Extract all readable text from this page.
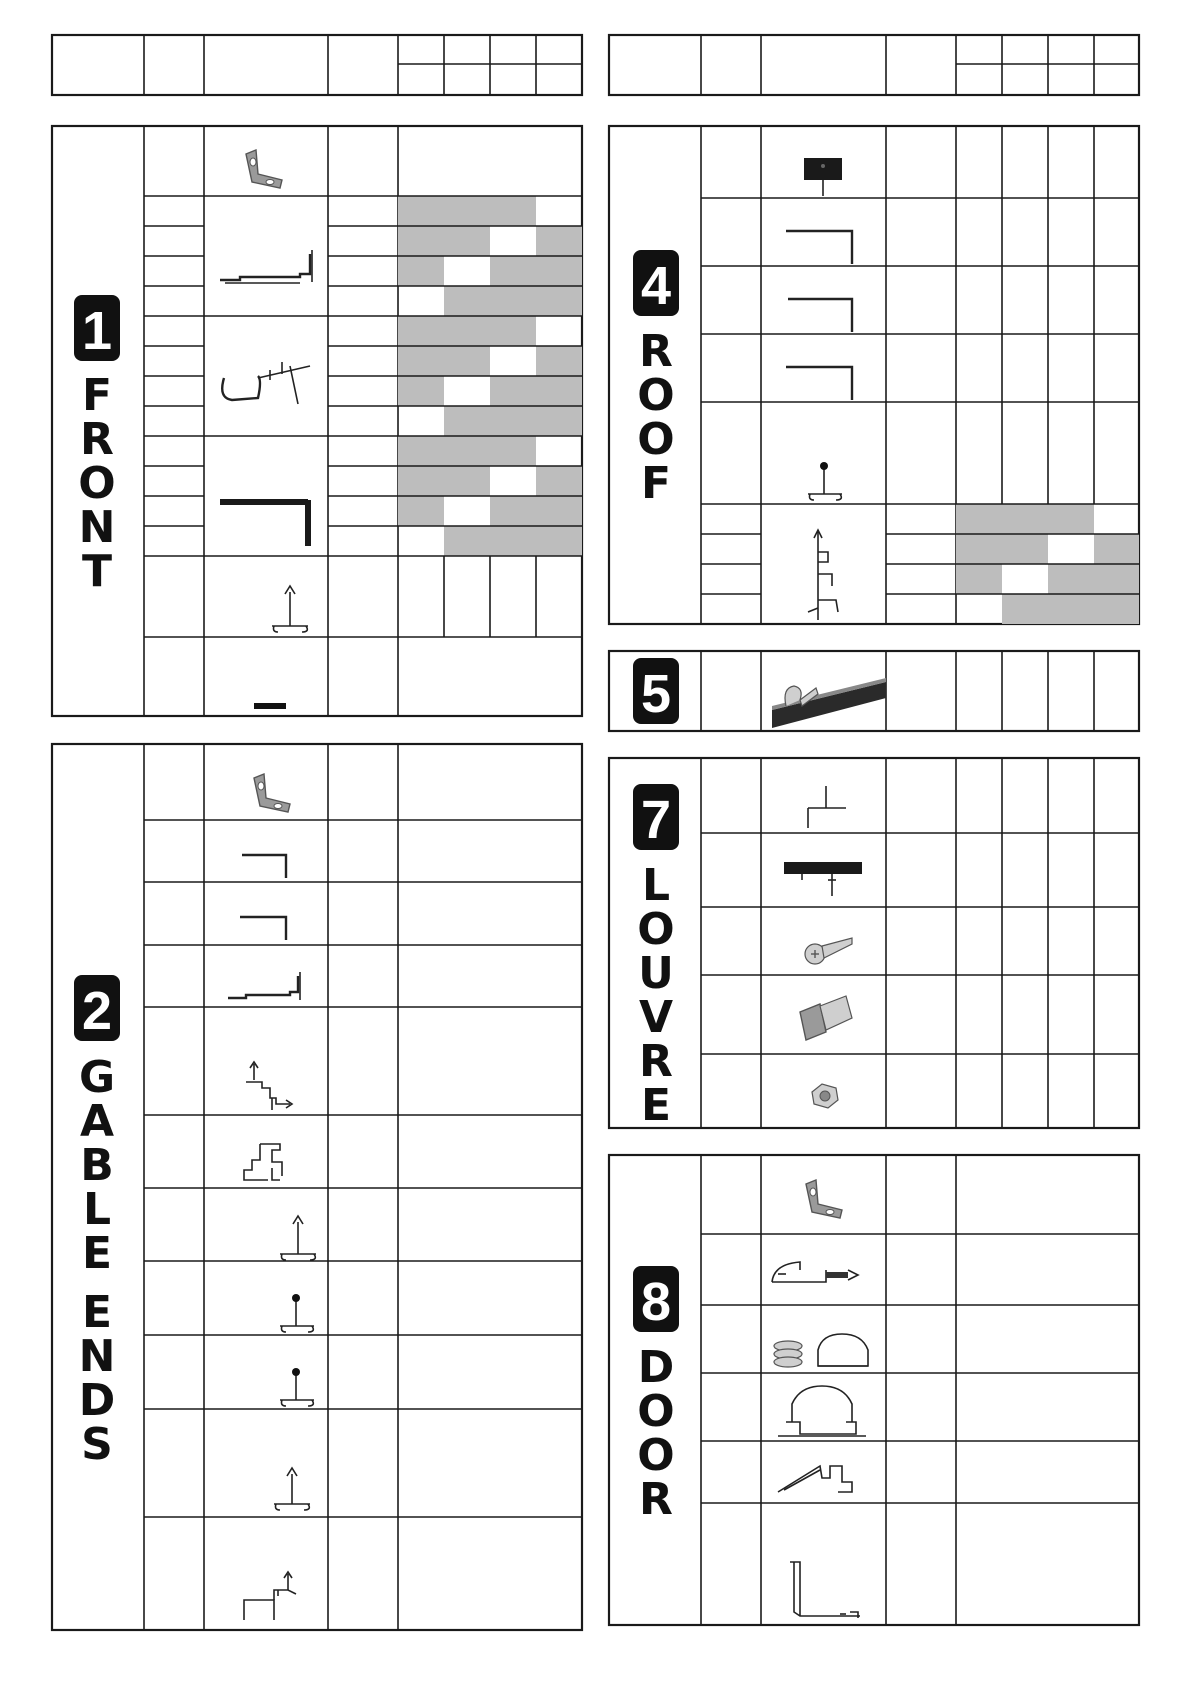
1
F
R
O
N
T
2
G
A
B
L
E
E
N
D
S
4
R
O
O
F
5
7
L
O
U
V
R
E
8
D
O
O
R
